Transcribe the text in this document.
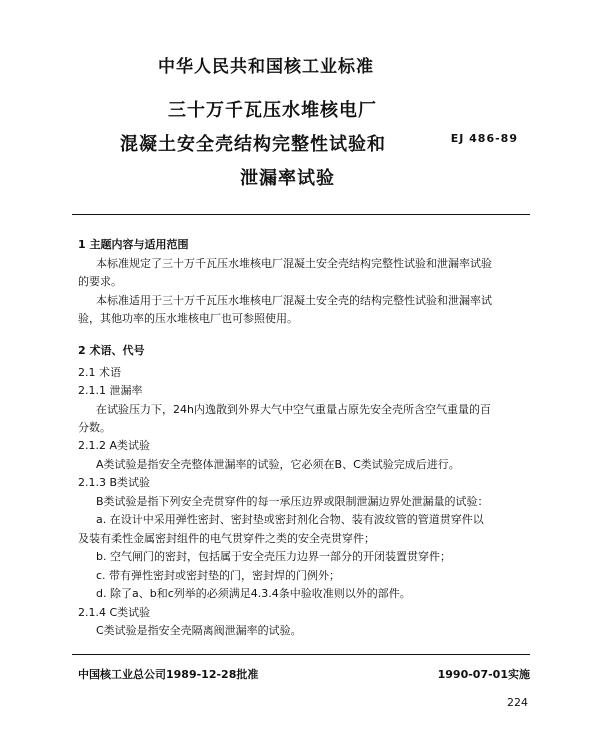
中华人民共和国核工业标准
三十万千瓦压水堆核电厂
混凝土安全壳结构完整性试验和
泄漏率试验
EJ 486-89
1 主题内容与适用范围
本标准规定了三十万千瓦压水堆核电厂混凝土安全壳结构完整性试验和泄漏率试验
的要求。
本标准适用于三十万千瓦压水堆核电厂混凝土安全壳的结构完整性试验和泄漏率试
验，其他功率的压水堆核电厂也可参照使用。
2 术语、代号
2.1 术语
2.1.1 泄漏率
在试验压力下，24h内逸散到外界大气中空气重量占原先安全壳所含空气重量的百
分数。
2.1.2 A类试验
A类试验是指安全壳整体泄漏率的试验，它必须在B、C类试验完成后进行。
2.1.3 B类试验
B类试验是指下列安全壳贯穿件的每一承压边界或限制泄漏边界处泄漏量的试验：
a. 在设计中采用弹性密封、密封垫或密封剂化合物、装有波纹管的管道贯穿件以
及装有柔性金属密封组件的电气贯穿件之类的安全壳贯穿件；
b. 空气闸门的密封，包括属于安全壳压力边界一部分的开闭装置贯穿件；
c. 带有弹性密封或密封垫的门，密封焊的门例外；
d. 除了a、b和c列举的必须满足4.3.4条中验收准则以外的部件。
2.1.4 C类试验
C类试验是指安全壳隔离阀泄漏率的试验。
中国核工业总公司1989-12-28批准	1990-07-01实施
224
